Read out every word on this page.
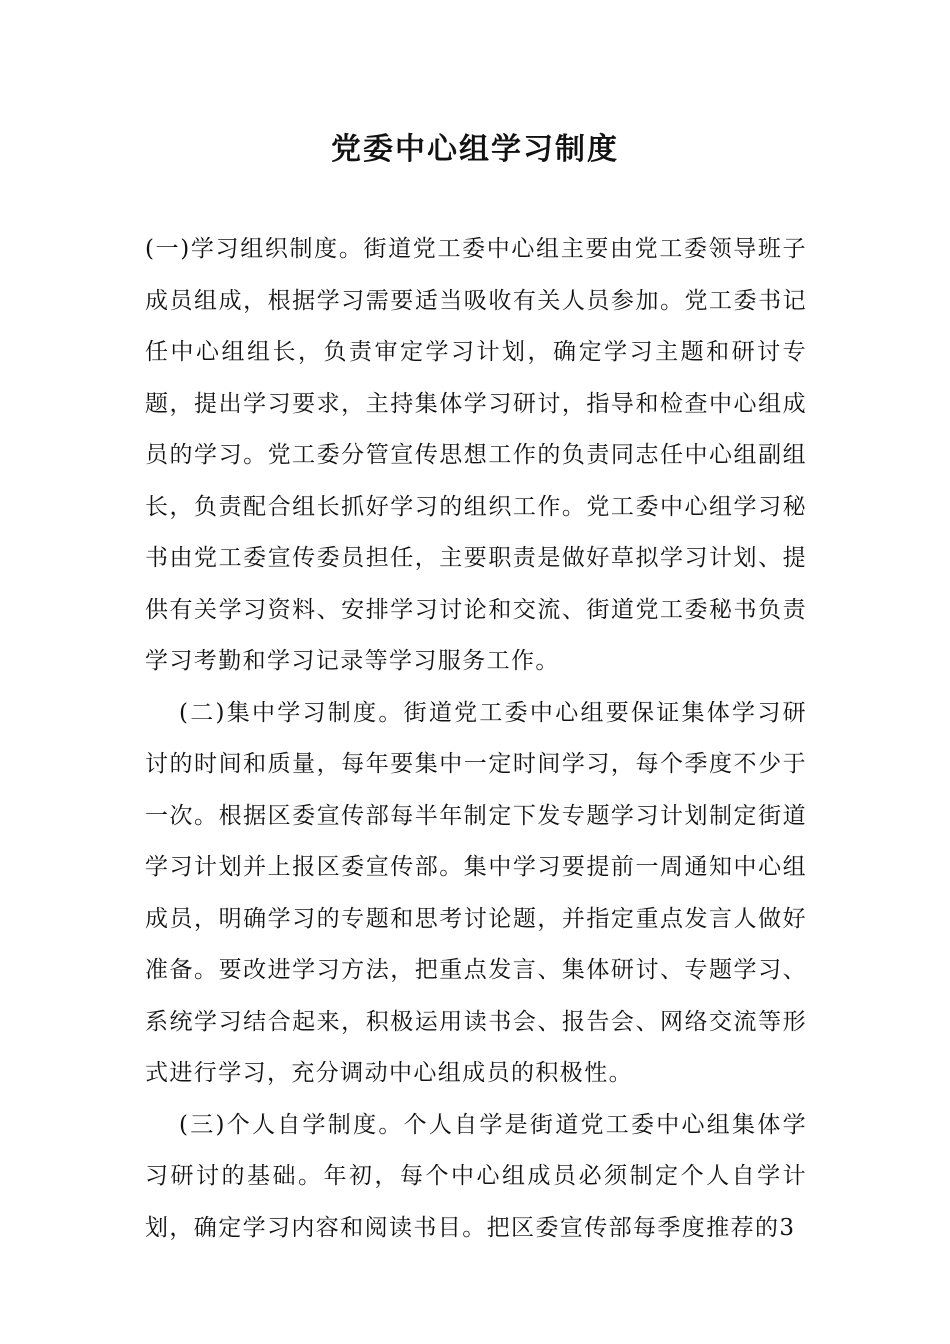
党委中心组学习制度

(一)学习组织制度。街道党工委中心组主要由党工委领导班子成员组成，根据学习需要适当吸收有关人员参加。党工委书记任中心组组长，负责审定学习计划，确定学习主题和研讨专题，提出学习要求，主持集体学习研讨，指导和检查中心组成员的学习。党工委分管宣传思想工作的负责同志任中心组副组长，负责配合组长抓好学习的组织工作。党工委中心组学习秘书由党工委宣传委员担任，主要职责是做好草拟学习计划、提供有关学习资料、安排学习讨论和交流、街道党工委秘书负责学习考勤和学习记录等学习服务工作。

(二)集中学习制度。街道党工委中心组要保证集体学习研讨的时间和质量，每年要集中一定时间学习，每个季度不少于一次。根据区委宣传部每半年制定下发专题学习计划制定街道学习计划并上报区委宣传部。集中学习要提前一周通知中心组成员，明确学习的专题和思考讨论题，并指定重点发言人做好准备。要改进学习方法，把重点发言、集体研讨、专题学习、系统学习结合起来，积极运用读书会、报告会、网络交流等形式进行学习，充分调动中心组成员的积极性。

(三)个人自学制度。个人自学是街道党工委中心组集体学习研讨的基础。年初，每个中心组成员必须制定个人自学计划，确定学习内容和阅读书目。把区委宣传部每季度推荐的3
